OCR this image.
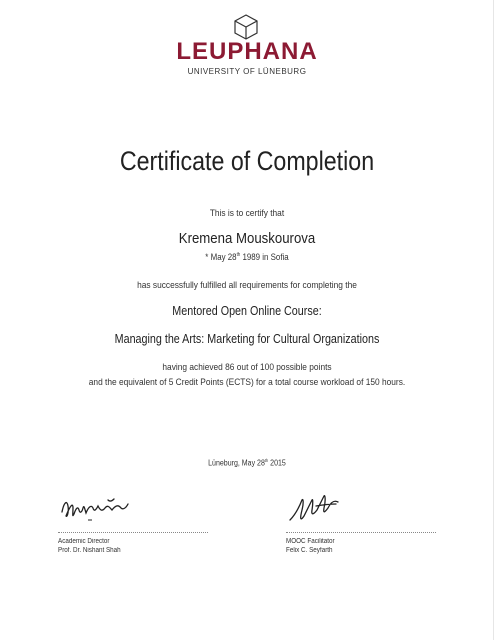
LEUPHANA
UNIVERSITY OF LÜNEBURG
Certificate of Completion
This is to certify that
Kremena Mouskourova
* May 28th 1989 in Sofia
has successfully fulfilled all requirements for completing the
Mentored Open Online Course:
Managing the Arts: Marketing for Cultural Organizations
having achieved 86 out of 100 possible points
and the equivalent of 5 Credit Points (ECTS) for a total course workload of 150 hours.
Lüneburg, May 28th 2015
Academic Director
Prof. Dr. Nishant Shah
MOOC Facilitator
Felix C. Seyfarth
